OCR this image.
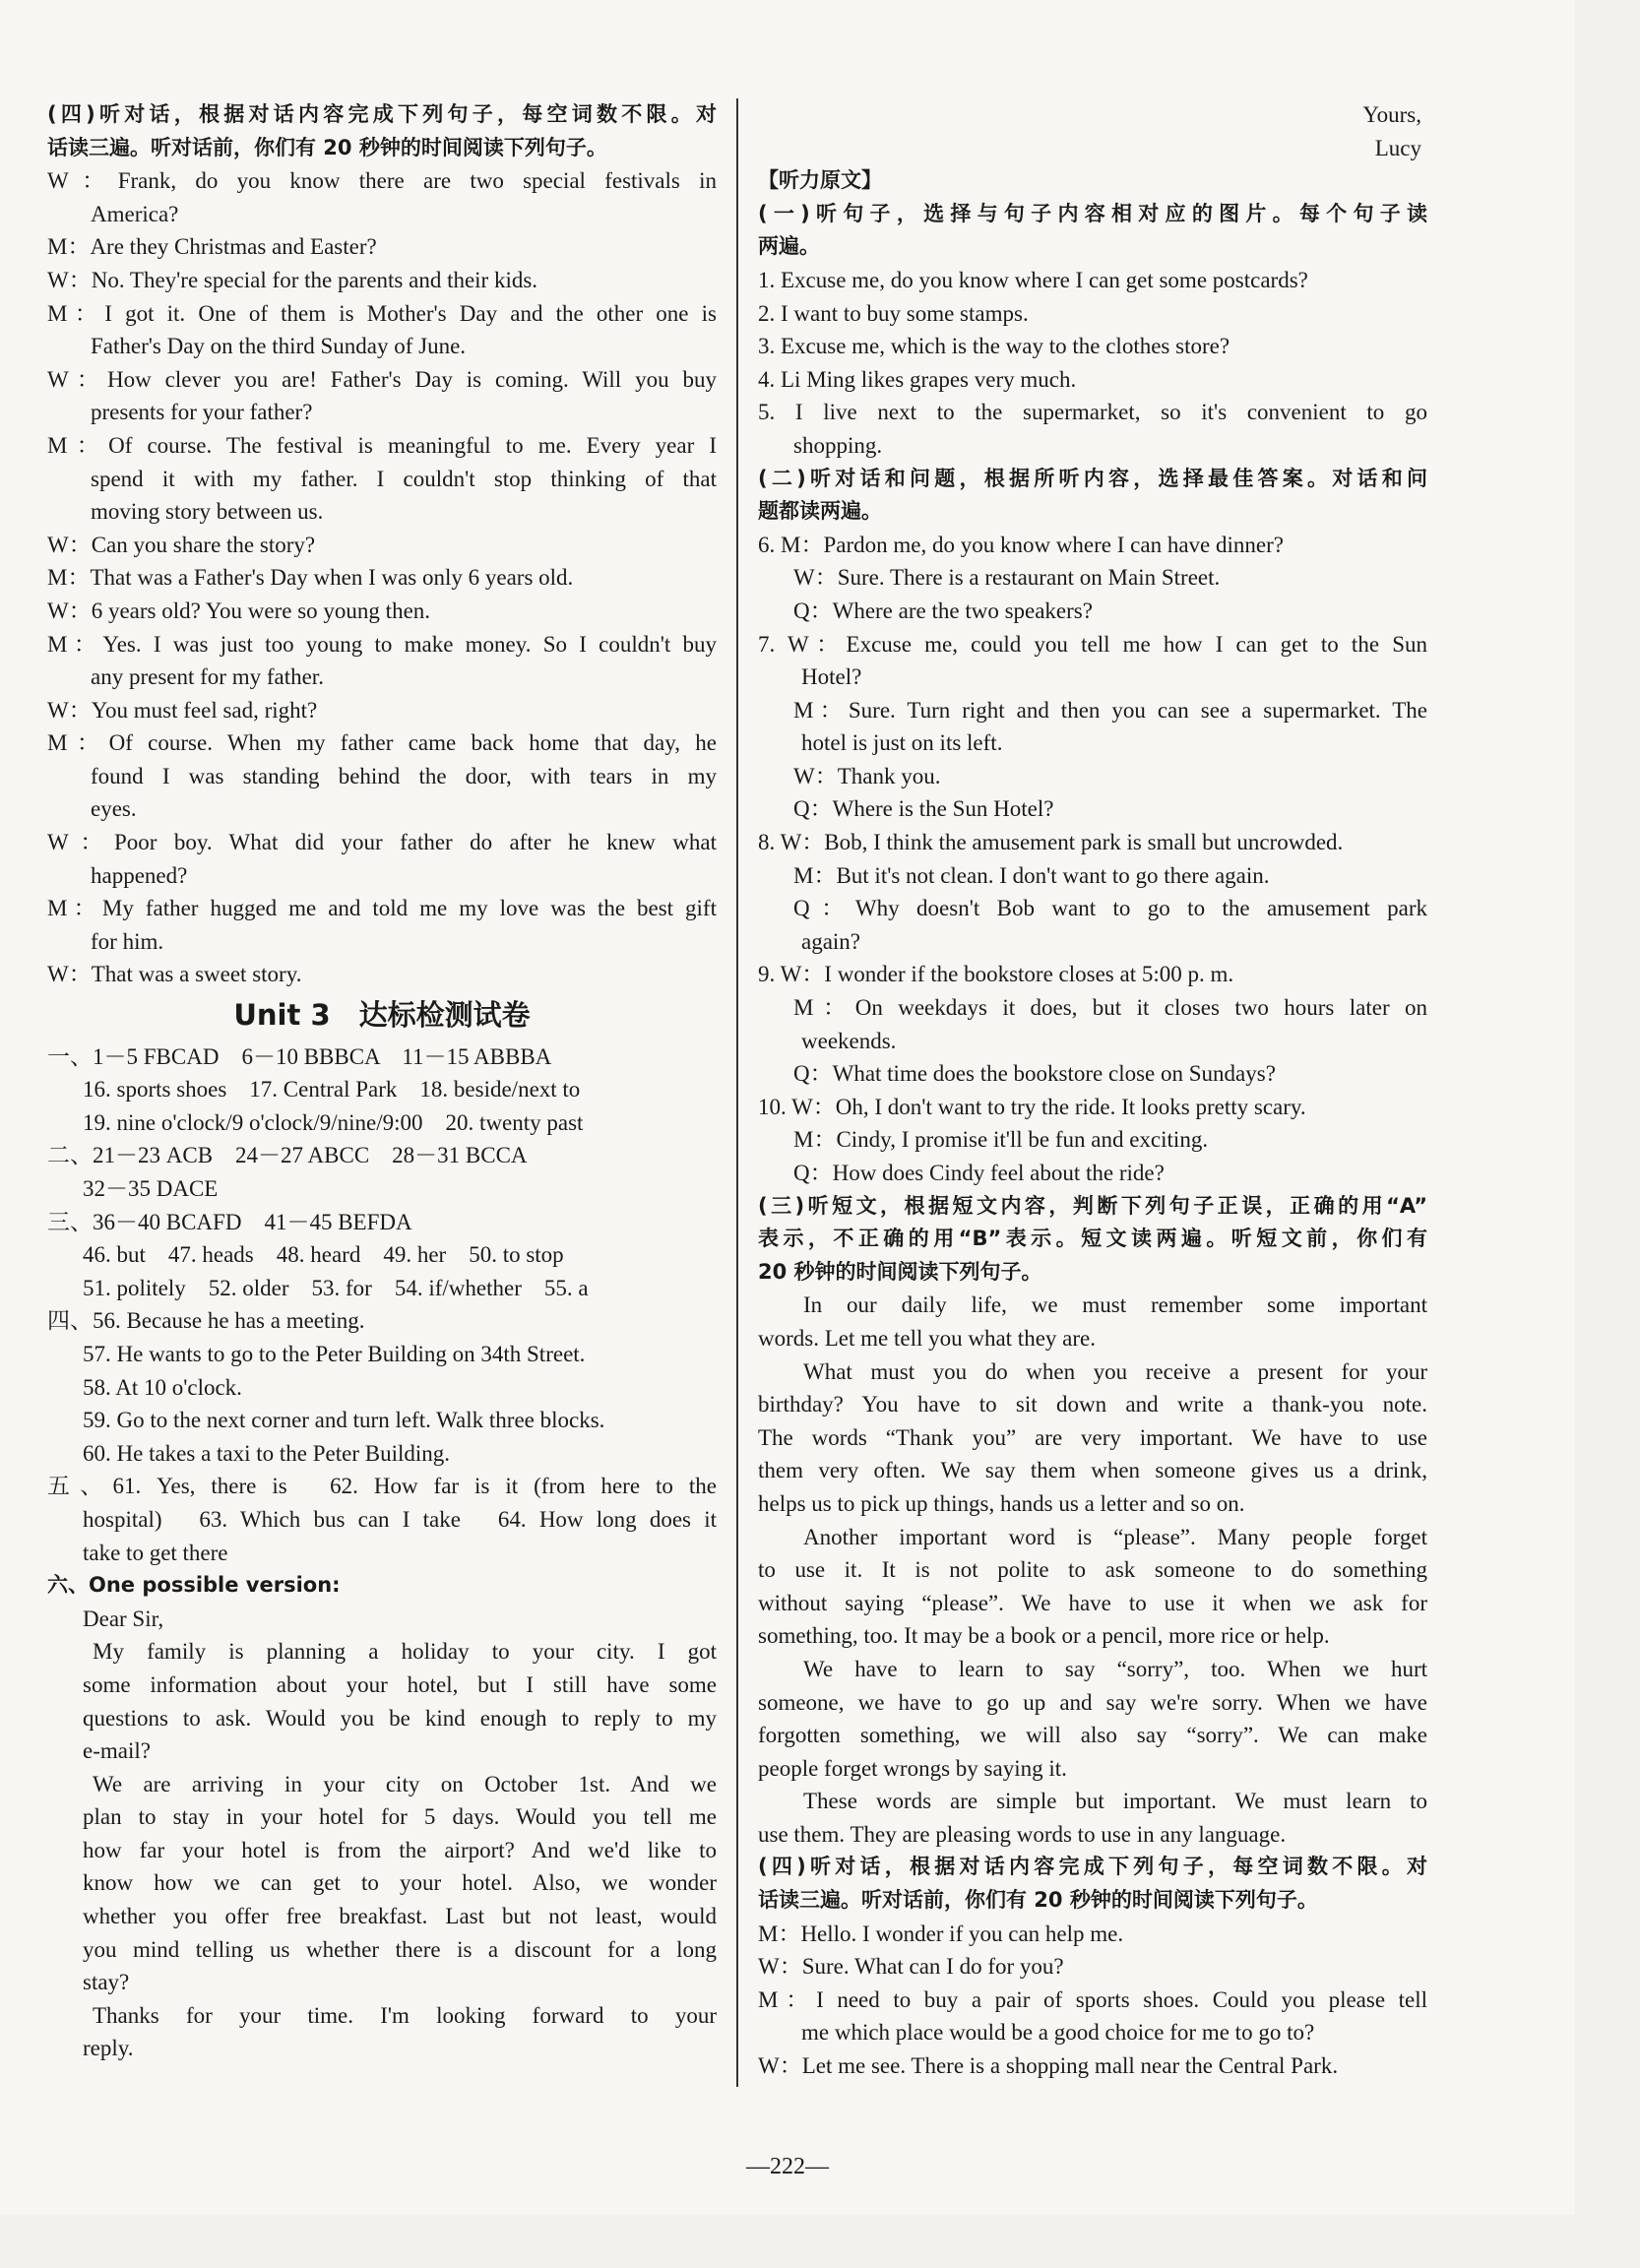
(四)听对话，根据对话内容完成下列句子，每空词数不限。对
话读三遍。听对话前，你们有 20 秒钟的时间阅读下列句子。
W：Frank, do you know there are two special festivals in
America?
M：Are they Christmas and Easter?
W：No. They're special for the parents and their kids.
M：I got it. One of them is Mother's Day and the other one is
Father's Day on the third Sunday of June.
W：How clever you are! Father's Day is coming. Will you buy
presents for your father?
M：Of course. The festival is meaningful to me. Every year I
spend it with my father. I couldn't stop thinking of that
moving story between us.
W：Can you share the story?
M：That was a Father's Day when I was only 6 years old.
W：6 years old? You were so young then.
M：Yes. I was just too young to make money. So I couldn't buy
any present for my father.
W：You must feel sad, right?
M：Of course. When my father came back home that day, he
found I was standing behind the door, with tears in my
eyes.
W：Poor boy. What did your father do after he knew what
happened?
M：My father hugged me and told me my love was the best gift
for him.
W：That was a sweet story.
Unit 3　达标检测试卷
一、1－5 FBCAD　6－10 BBBCA　11－15 ABBBA
16. sports shoes　17. Central Park　18. beside/next to
19. nine o'clock/9 o'clock/9/nine/9:00　20. twenty past
二、21－23 ACB　24－27 ABCC　28－31 BCCA
32－35 DACE
三、36－40 BCAFD　41－45 BEFDA
46. but　47. heads　48. heard　49. her　50. to stop
51. politely　52. older　53. for　54. if/whether　55. a
四、56. Because he has a meeting.
57. He wants to go to the Peter Building on 34th Street.
58. At 10 o'clock.
59. Go to the next corner and turn left. Walk three blocks.
60. He takes a taxi to the Peter Building.
五、61. Yes, there is　62. How far is it (from here to the
hospital)　63. Which bus can I take　64. How long does it
take to get there
六、One possible version:
Dear Sir,
My family is planning a holiday to your city. I got
some information about your hotel, but I still have some
questions to ask. Would you be kind enough to reply to my
e-mail?
We are arriving in your city on October 1st. And we
plan to stay in your hotel for 5 days. Would you tell me
how far your hotel is from the airport? And we'd like to
know how we can get to your hotel. Also, we wonder
whether you offer free breakfast. Last but not least, would
you mind telling us whether there is a discount for a long
stay?
Thanks for your time. I'm looking forward to your
reply.
Yours,
Lucy
【听力原文】
(一)听句子，选择与句子内容相对应的图片。每个句子读
两遍。
1. Excuse me, do you know where I can get some postcards?
2. I want to buy some stamps.
3. Excuse me, which is the way to the clothes store?
4. Li Ming likes grapes very much.
5. I live next to the supermarket, so it's convenient to go
shopping.
(二)听对话和问题，根据所听内容，选择最佳答案。对话和问
题都读两遍。
6. M：Pardon me, do you know where I can have dinner?
W：Sure. There is a restaurant on Main Street.
Q：Where are the two speakers?
7. W：Excuse me, could you tell me how I can get to the Sun
Hotel?
M：Sure. Turn right and then you can see a supermarket. The
hotel is just on its left.
W：Thank you.
Q：Where is the Sun Hotel?
8. W：Bob, I think the amusement park is small but uncrowded.
M：But it's not clean. I don't want to go there again.
Q：Why doesn't Bob want to go to the amusement park
again?
9. W：I wonder if the bookstore closes at 5:00 p. m.
M：On weekdays it does, but it closes two hours later on
weekends.
Q：What time does the bookstore close on Sundays?
10. W：Oh, I don't want to try the ride. It looks pretty scary.
M：Cindy, I promise it'll be fun and exciting.
Q：How does Cindy feel about the ride?
(三)听短文，根据短文内容，判断下列句子正误，正确的用“A”
表示，不正确的用“B”表示。短文读两遍。听短文前，你们有
20 秒钟的时间阅读下列句子。
In our daily life, we must remember some important
words. Let me tell you what they are.
What must you do when you receive a present for your
birthday? You have to sit down and write a thank-you note.
The words “Thank you” are very important. We have to use
them very often. We say them when someone gives us a drink,
helps us to pick up things, hands us a letter and so on.
Another important word is “please”. Many people forget
to use it. It is not polite to ask someone to do something
without saying “please”. We have to use it when we ask for
something, too. It may be a book or a pencil, more rice or help.
We have to learn to say “sorry”, too. When we hurt
someone, we have to go up and say we're sorry. When we have
forgotten something, we will also say “sorry”. We can make
people forget wrongs by saying it.
These words are simple but important. We must learn to
use them. They are pleasing words to use in any language.
(四)听对话，根据对话内容完成下列句子，每空词数不限。对
话读三遍。听对话前，你们有 20 秒钟的时间阅读下列句子。
M：Hello. I wonder if you can help me.
W：Sure. What can I do for you?
M：I need to buy a pair of sports shoes. Could you please tell
me which place would be a good choice for me to go to?
W：Let me see. There is a shopping mall near the Central Park.
—222—
